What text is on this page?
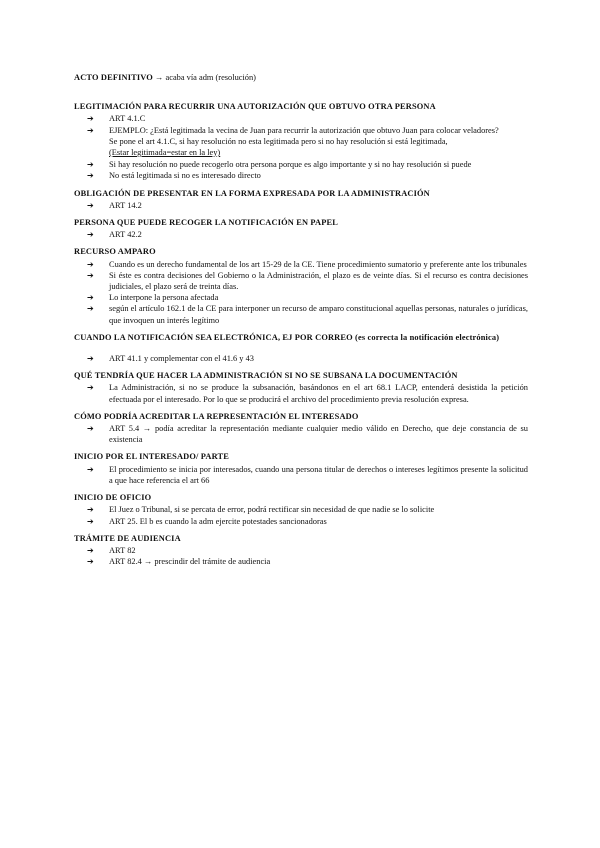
ACTO DEFINITIVO → acaba vía adm (resolución)
LEGITIMACIÓN PARA RECURRIR UNA AUTORIZACIÓN QUE OBTUVO OTRA PERSONA
➔	ART 4.1.C
➔	EJEMPLO: ¿Está legitimada la vecina de Juan para recurrir la autorización que obtuvo Juan para colocar veladores?
Se pone el art 4.1.C, si hay resolución no esta legitimada pero si no hay resolución si está legitimada,
(Estar legitimada=estar en la ley)
➔	Si hay resolución no puede recogerlo otra persona porque es algo importante y si no hay resolución si puede
➔	No está legitimada si no es interesado directo
OBLIGACIÓN DE PRESENTAR EN LA FORMA EXPRESADA POR LA ADMINISTRACIÓN
➔	ART 14.2
PERSONA QUE PUEDE RECOGER LA NOTIFICACIÓN EN PAPEL
➔	ART 42.2
RECURSO AMPARO
➔	Cuando es un derecho fundamental de los art 15-29 de la CE. Tiene procedimiento sumatorio y preferente ante los tribunales
➔	Si éste es contra decisiones del Gobierno o la Administración, el plazo es de veinte días. Si el recurso es contra decisiones judiciales, el plazo será de treinta días.
➔	Lo interpone la persona afectada
➔	según el artículo 162.1 de la CE para interponer un recurso de amparo constitucional aquellas personas, naturales o jurídicas, que invoquen un interés legítimo
CUANDO LA NOTIFICACIÓN SEA ELECTRÓNICA, EJ POR CORREO (es correcta la notificación electrónica)
➔	ART 41.1 y complementar con el 41.6 y 43
QUÉ TENDRÍA QUE HACER LA ADMINISTRACIÓN SI NO SE SUBSANA LA DOCUMENTACIÓN
➔	La Administración, si no se produce la subsanación, basándonos en el art 68.1 LACP, entenderá desistida la petición efectuada por el interesado. Por lo que se producirá el archivo del procedimiento previa resolución expresa.
CÓMO PODRÍA ACREDITAR LA REPRESENTACIÓN EL INTERESADO
➔	ART 5.4 → podía acreditar la representación mediante cualquier medio válido en Derecho, que deje constancia de su existencia
INICIO POR EL INTERESADO/ PARTE
➔	El procedimiento se inicia por interesados, cuando una persona titular de derechos o intereses legítimos presente la solicitud a que hace referencia el art 66
INICIO DE OFICIO
➔	El Juez o Tribunal, si se percata de error, podrá rectificar sin necesidad de que nadie se lo solicite
➔	ART 25. El b es cuando la adm ejercite potestades sancionadoras
TRÁMITE DE AUDIENCIA
➔	ART 82
➔	ART 82.4 → prescindir del trámite de audiencia
